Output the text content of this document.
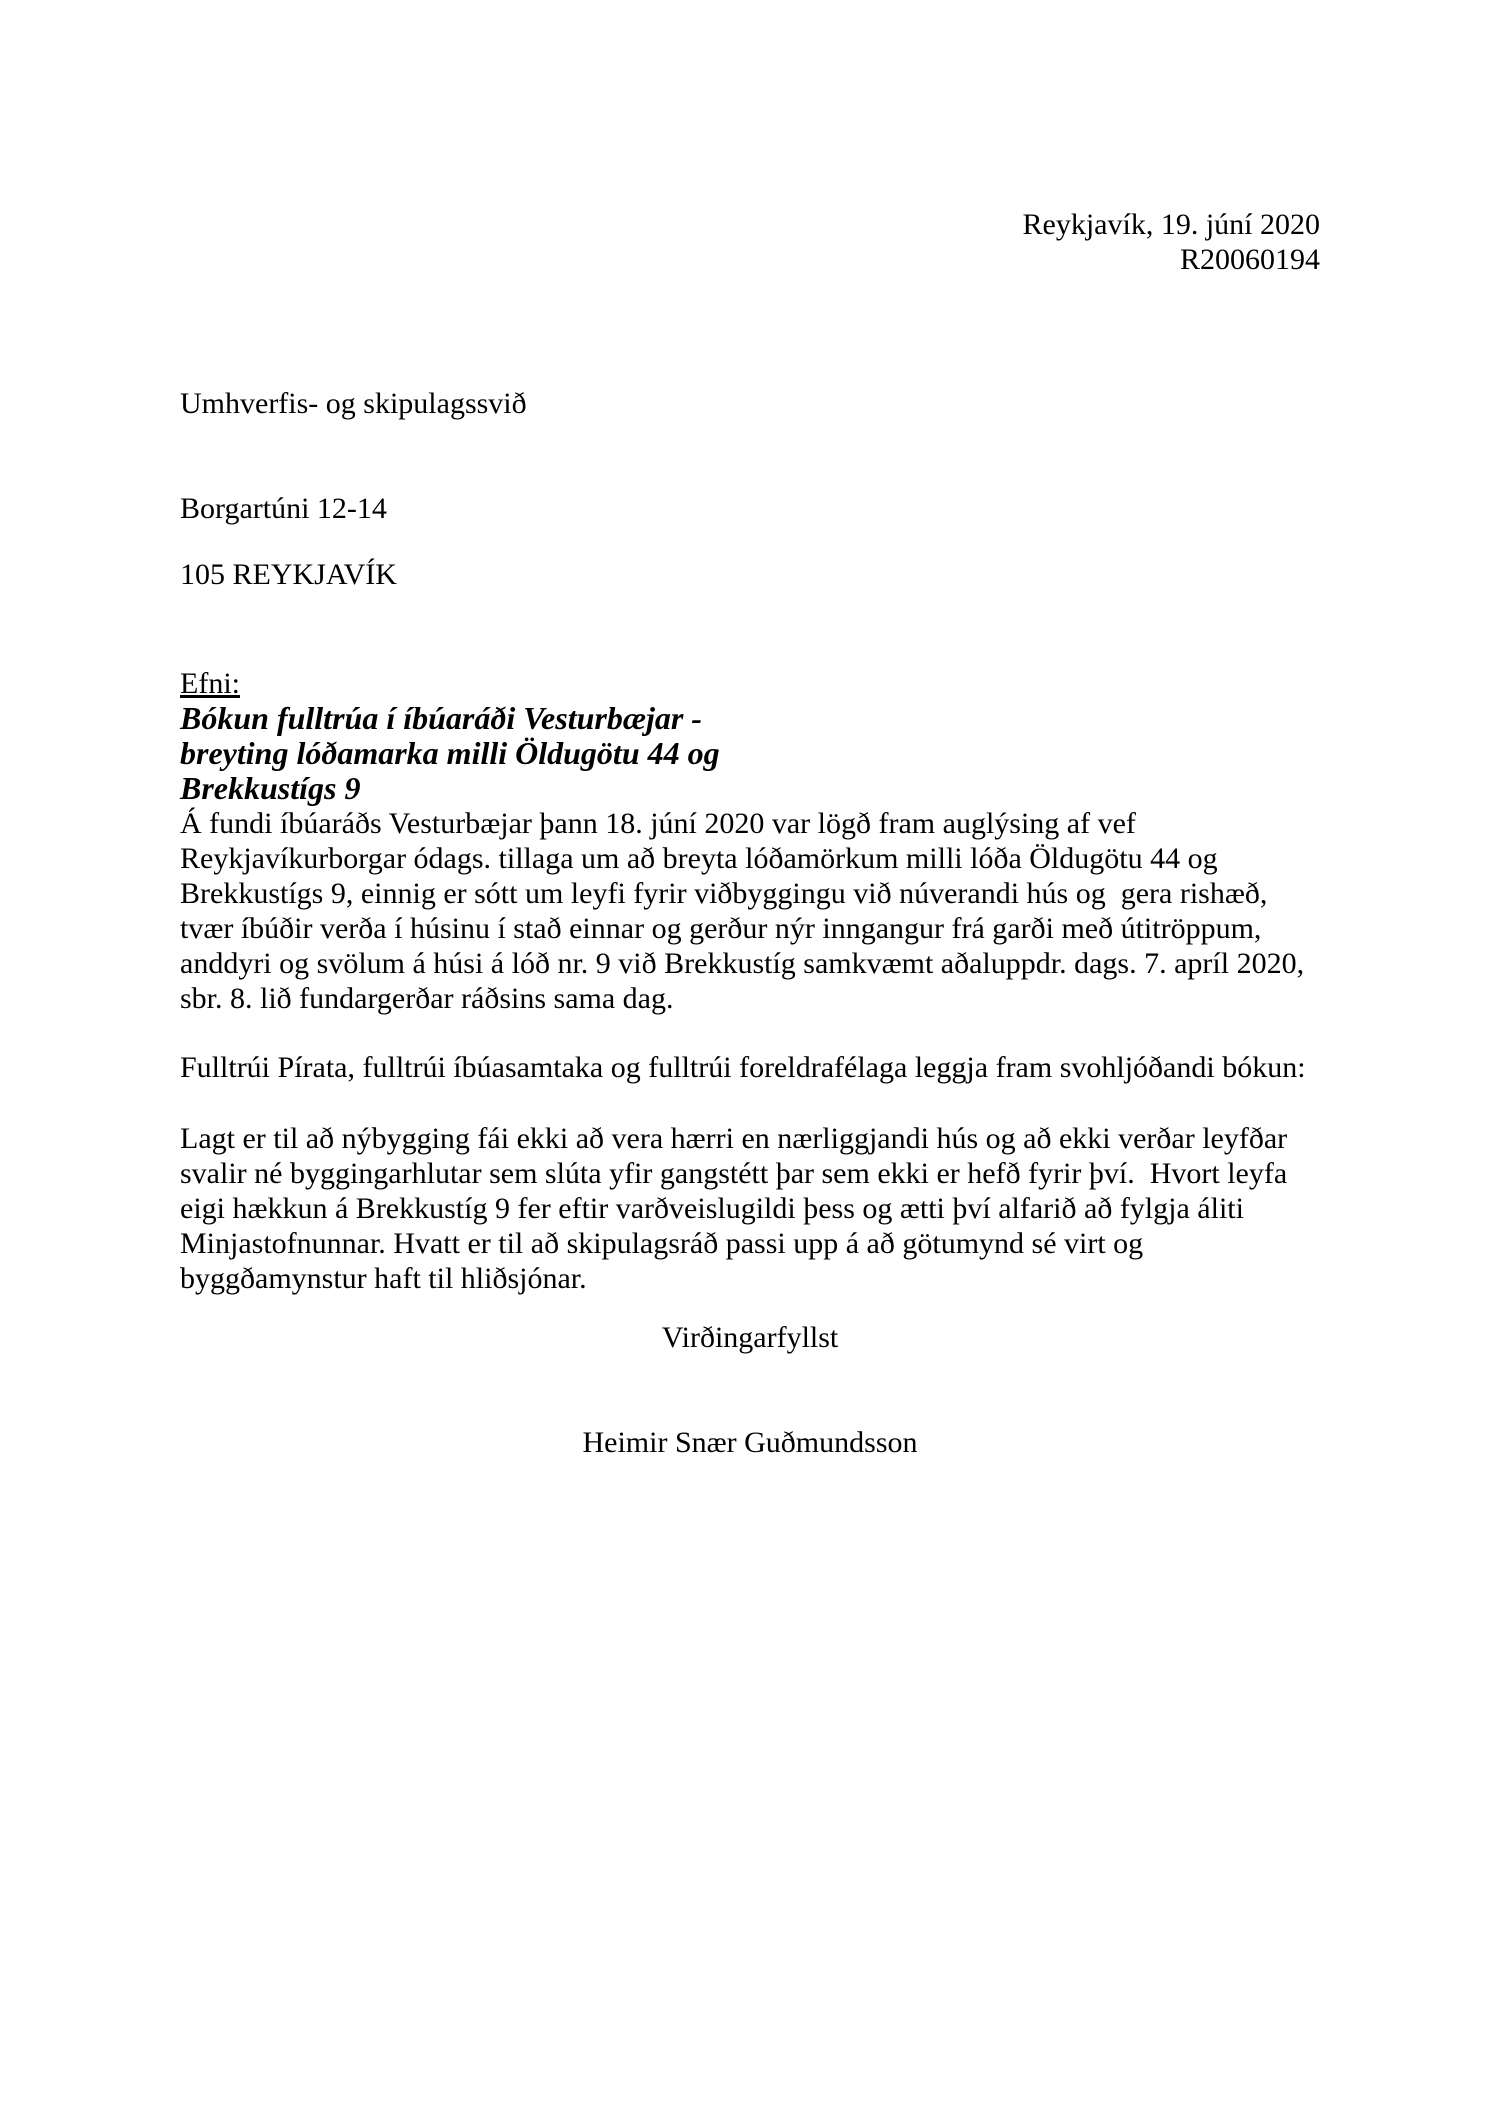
Reykjavík, 19. júní 2020
R20060194
Umhverfis- og skipulagssvið
Borgartúni 12-14
105 REYKJAVÍK
Efni:
Bókun fulltrúa í íbúaráði Vesturbæjar -
breyting lóðamarka milli Öldugötu 44 og
Brekkustígs 9
Á fundi íbúaráðs Vesturbæjar þann 18. júní 2020 var lögð fram auglýsing af vef
Reykjavíkurborgar ódags. tillaga um að breyta lóðamörkum milli lóða Öldugötu 44 og
Brekkustígs 9, einnig er sótt um leyfi fyrir viðbyggingu við núverandi hús og  gera rishæð,
tvær íbúðir verða í húsinu í stað einnar og gerður nýr inngangur frá garði með útitröppum,
anddyri og svölum á húsi á lóð nr. 9 við Brekkustíg samkvæmt aðaluppdr. dags. 7. apríl 2020,
sbr. 8. lið fundargerðar ráðsins sama dag.
Fulltrúi Pírata, fulltrúi íbúasamtaka og fulltrúi foreldrafélaga leggja fram svohljóðandi bókun:
Lagt er til að nýbygging fái ekki að vera hærri en nærliggjandi hús og að ekki verðar leyfðar
svalir né byggingarhlutar sem slúta yfir gangstétt þar sem ekki er hefð fyrir því.  Hvort leyfa
eigi hækkun á Brekkustíg 9 fer eftir varðveislugildi þess og ætti því alfarið að fylgja áliti
Minjastofnunnar. Hvatt er til að skipulagsráð passi upp á að götumynd sé virt og
byggðamynstur haft til hliðsjónar.
Virðingarfyllst
Heimir Snær Guðmundsson
